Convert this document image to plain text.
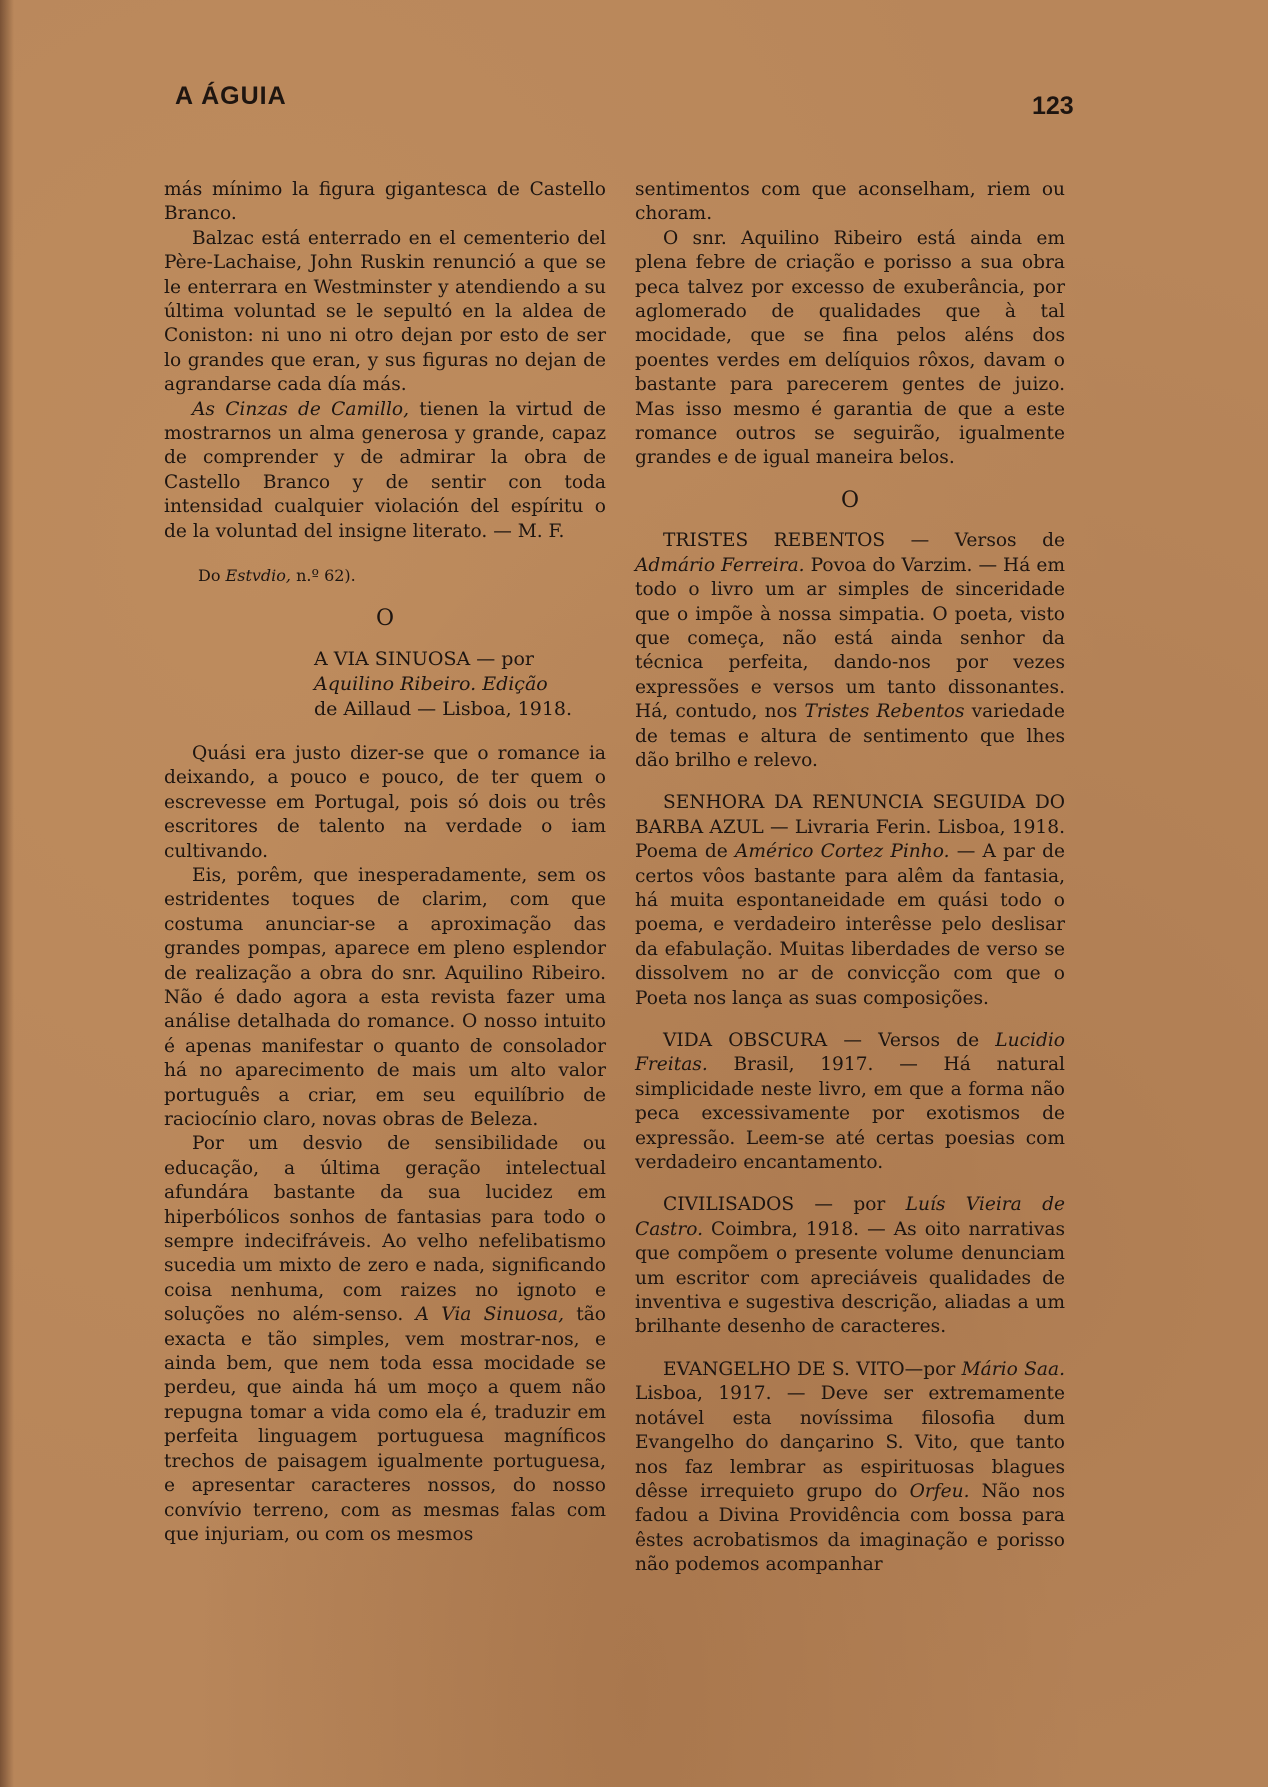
A ÁGUIA	123

más mínimo la figura gigantesca de Castello Branco.

Balzac está enterrado en el cementerio del Père-Lachaise, John Ruskin renunció a que se le enterrara en Westminster y atendiendo a su última voluntad se le sepultó en la aldea de Coniston: ni uno ni otro dejan por esto de ser lo grandes que eran, y sus figuras no dejan de agrandarse cada día más.

As Cinzas de Camillo, tienen la virtud de mostrarnos un alma generosa y grande, capaz de comprender y de admirar la obra de Castello Branco y de sentir con toda intensidad cualquier violación del espíritu o de la voluntad del insigne literato. — M. F.

Do Estvdio, n.º 62).

O

A VIA SINUOSA — por
Aquilino Ribeiro. Edição
de Aillaud — Lisboa, 1918.

Quási era justo dizer-se que o romance ia deixando, a pouco e pouco, de ter quem o escrevesse em Portugal, pois só dois ou três escritores de talento na verdade o iam cultivando.

Eis, porêm, que inesperadamente, sem os estridentes toques de clarim, com que costuma anunciar-se a aproximação das grandes pompas, aparece em pleno esplendor de realização a obra do snr. Aquilino Ribeiro. Não é dado agora a esta revista fazer uma análise detalhada do romance. O nosso intuito é apenas manifestar o quanto de consolador há no aparecimento de mais um alto valor português a criar, em seu equilíbrio de raciocínio claro, novas obras de Beleza.

Por um desvio de sensibilidade ou educação, a última geração intelectual afundára bastante da sua lucidez em hiperbólicos sonhos de fantasias para todo o sempre indecifráveis. Ao velho nefelibatismo sucedia um mixto de zero e nada, significando coisa nenhuma, com raizes no ignoto e soluções no além-senso. A Via Sinuosa, tão exacta e tão simples, vem mostrar-nos, e ainda bem, que nem toda essa mocidade se perdeu, que ainda há um moço a quem não repugna tomar a vida como ela é, traduzir em perfeita linguagem portuguesa magníficos trechos de paisagem igualmente portuguesa, e apresentar caracteres nossos, do nosso convívio terreno, com as mesmas falas com que injuriam, ou com os mesmos

sentimentos com que aconselham, riem ou choram.

O snr. Aquilino Ribeiro está ainda em plena febre de criação e porisso a sua obra peca talvez por excesso de exuberância, por aglomerado de qualidades que à tal mocidade, que se fina pelos aléns dos poentes verdes em delíquios rôxos, davam o bastante para parecerem gentes de juizo. Mas isso mesmo é garantia de que a este romance outros se seguirão, igualmente grandes e de igual maneira belos.

O

TRISTES REBENTOS — Versos de Admário Ferreira. Povoa do Varzim. — Há em todo o livro um ar simples de sinceridade que o impõe à nossa simpatia. O poeta, visto que começa, não está ainda senhor da técnica perfeita, dando-nos por vezes expressões e versos um tanto dissonantes. Há, contudo, nos Tristes Rebentos variedade de temas e altura de sentimento que lhes dão brilho e relevo.

SENHORA DA RENUNCIA SEGUIDA DO BARBA AZUL — Livraria Ferin. Lisboa, 1918. Poema de Américo Cortez Pinho. — A par de certos vôos bastante para alêm da fantasia, há muita espontaneidade em quási todo o poema, e verdadeiro interêsse pelo deslisar da efabulação. Muitas liberdades de verso se dissolvem no ar de convicção com que o Poeta nos lança as suas composições.

VIDA OBSCURA — Versos de Lucidio Freitas. Brasil, 1917. — Há natural simplicidade neste livro, em que a forma não peca excessivamente por exotismos de expressão. Leem-se até certas poesias com verdadeiro encantamento.

CIVILISADOS — por Luís Vieira de Castro. Coimbra, 1918. — As oito narrativas que compõem o presente volume denunciam um escritor com apreciáveis qualidades de inventiva e sugestiva descrição, aliadas a um brilhante desenho de caracteres.

EVANGELHO DE S. VITO—por Mário Saa. Lisboa, 1917. — Deve ser extremamente notável esta novíssima filosofia dum Evangelho do dançarino S. Vito, que tanto nos faz lembrar as espirituosas blagues dêsse irrequieto grupo do Orfeu. Não nos fadou a Divina Providência com bossa para êstes acrobatismos da imaginação e porisso não podemos acompanhar
